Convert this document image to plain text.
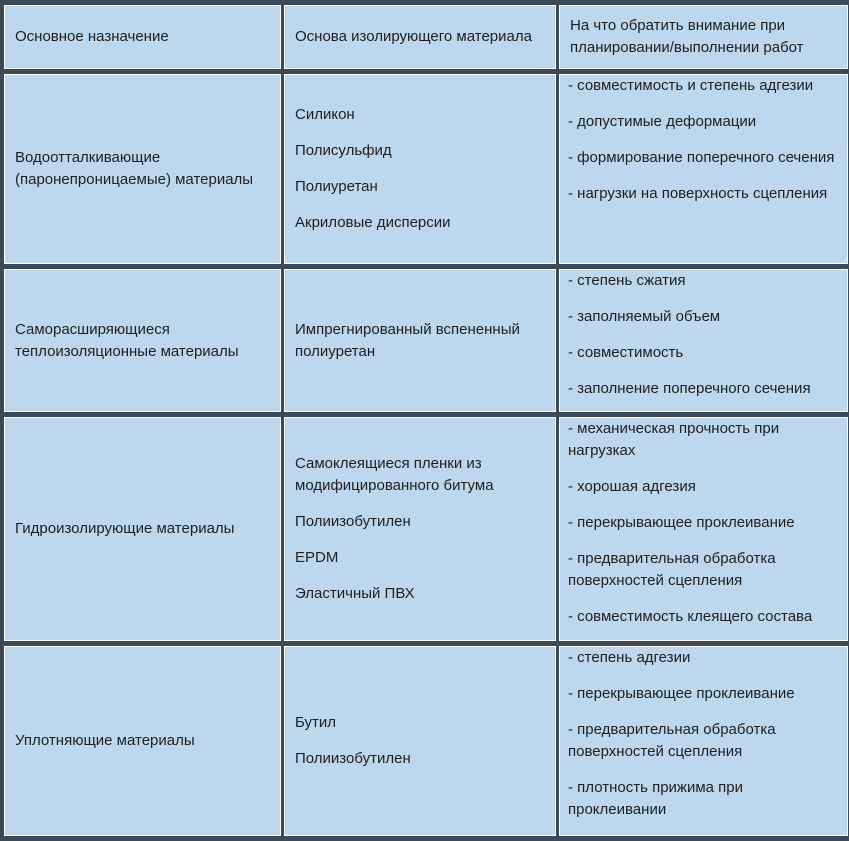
Основное назначение	Основа изолирующего материала
На что обратить внимание при планировании/выполнении работ
Водоотталкивающие (паронепроницаемые) материалы
Силикон
Полисульфид
Полиуретан
Акриловые дисперсии
- совместимость и степень адгезии
- допустимые деформации
- формирование поперечного сечения
- нагрузки на поверхность сцепления
Саморасширяющиеся теплоизоляционные материалы
Импрегнированный вспененный полиуретан
- степень сжатия
- заполняемый объем
- совместимость
- заполнение поперечного сечения
Гидроизолирующие материалы
Самоклеящиеся пленки из модифицированного битума
Полиизобутилен
EPDM
Эластичный ПВХ
- механическая прочность при нагрузках
- хорошая адгезия
- перекрывающее проклеивание
- предварительная обработка поверхностей сцепления
- совместимость клеящего состава
Уплотняющие материалы
Бутил
Полиизобутилен
- степень адгезии
- перекрывающее проклеивание
- предварительная обработка поверхностей сцепления
- плотность прижима при проклеивании
